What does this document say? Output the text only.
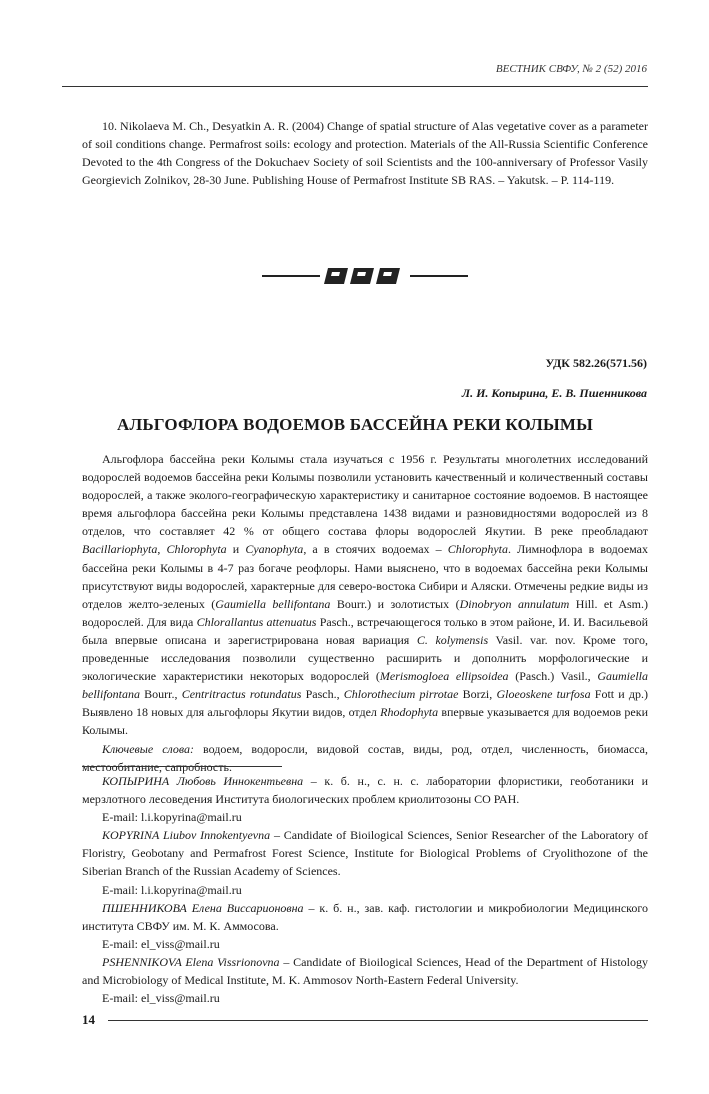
ВЕСТНИК СВФУ, № 2 (52) 2016
10. Nikolaeva M. Ch., Desyatkin A. R. (2004) Change of spatial structure of Alas vegetative cover as a parameter of soil conditions change. Permafrost soils: ecology and protection. Materials of the All-Russia Scientific Conference Devoted to the 4th Congress of the Dokuchaev Society of soil Scientists and the 100-anniversary of Professor Vasily Georgievich Zolnikov, 28-30 June. Publishing House of Permafrost Institute SB RAS. – Yakutsk. – P. 114-119.
УДК 582.26(571.56)
Л. И. Копырина, Е. В. Пшенникова
АЛЬГОФЛОРА ВОДОЕМОВ БАССЕЙНА РЕКИ КОЛЫМЫ

Альгофлора бассейна реки Колымы стала изучаться с 1956 г. Результаты многолетних исследований водорослей водоемов бассейна реки Колымы позволили установить качественный и количественный составы водорослей, а также эколого-географическую характеристику и санитарное состояние водоемов. В настоящее время альгофлора бассейна реки Колымы представлена 1438 видами и разновидностями водорослей из 8 отделов, что составляет 42 % от общего состава флоры водорослей Якутии. В реке преобладают Bacillariophyta, Chlorophyta и Cyanophyta, а в стоячих водоемах – Chlorophyta. Лимнофлора в водоемах бассейна реки Колымы в 4-7 раз богаче реофлоры. Нами выяснено, что в водоемах бассейна реки Колымы присутствуют виды водорослей, характерные для северо-востока Сибири и Аляски. Отмечены редкие виды из отделов желто-зеленых (Gaumiella bellifontana Bourr.) и золотистых (Dinobryon annulatum Hill. et Asm.) водорослей. Для вида Chlorallantus attenuatus Pasch., встречающегося только в этом районе, И. И. Васильевой была впервые описана и зарегистрирована новая вариация C. kolymensis Vasil. var. nov. Кроме того, проведенные исследования позволили существенно расширить и дополнить морфологические и экологические характеристики некоторых водорослей (Merismogloea ellipsoidea (Pasch.) Vasil., Gaumiella bellifontana Bourr., Centritractus rotundatus Pasch., Chlorothecium pirrotae Borzi, Gloeoskene turfosa Fott и др.) Выявлено 18 новых для альгофлоры Якутии видов, отдел Rhodophyta впервые указывается для водоемов реки Колымы.

Ключевые слова: водоем, водоросли, видовой состав, виды, род, отдел, численность, биомасса, местообитание, сапробность.

КОПЫРИНА Любовь Иннокентьевна – к. б. н., с. н. с. лаборатории флористики, геоботаники и мерзлотного лесоведения Института биологических проблем криолитозоны СО РАН.

E-mail: l.i.kopyrina@mail.ru

KOPYRINA Liubov Innokentyevna – Candidate of Bioilogical Sciences, Senior Researcher of the Laboratory of Floristry, Geobotany and Permafrost Forest Science, Institute for Biological Problems of Cryolithozone of the Siberian Branch of the Russian Academy of Sciences.

E-mail: l.i.kopyrina@mail.ru

ПШЕННИКОВА Елена Виссарионовна – к. б. н., зав. каф. гистологии и микробиологии Медицинского института СВФУ им. М. К. Аммосова.

E-mail: el_viss@mail.ru

PSHENNIKOVA Elena Vissrionovna – Candidate of Bioilogical Sciences, Head of the Department of Histology and Microbiology of Medical Institute, M. K. Ammosov North-Eastern Federal University.

E-mail: el_viss@mail.ru

14
